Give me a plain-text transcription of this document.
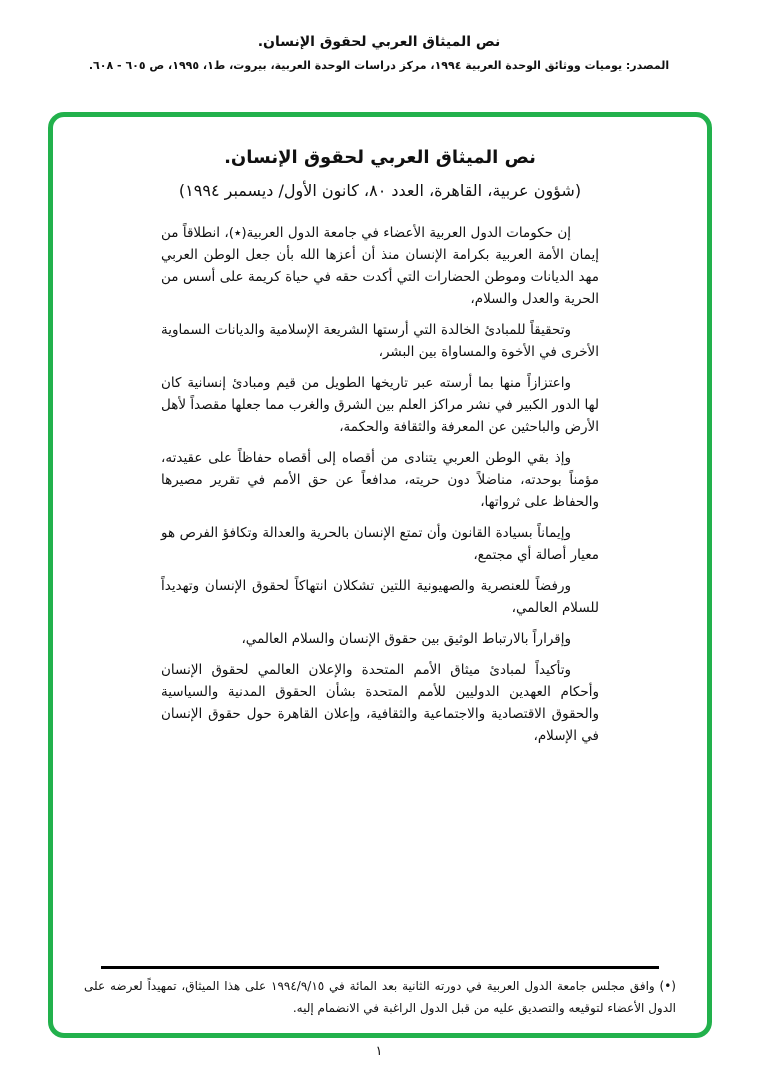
نص الميثاق العربي لحقوق الإنسان.
المصدر: يوميات ووثائق الوحدة العربية ١٩٩٤، مركز دراسات الوحدة العربية، بيروت، ط١، ١٩٩٥، ص ٦٠٥ - ٦٠٨.
نص الميثاق العربي لحقوق الإنسان.
(شؤون عربية، القاهرة، العدد ٨٠، كانون الأول/ ديسمبر ١٩٩٤)

إن حكومات الدول العربية الأعضاء في جامعة الدول العربية(٭)، انطلاقاً من إيمان الأمة العربية بكرامة الإنسان منذ أن أعزها الله بأن جعل الوطن العربي مهد الديانات وموطن الحضارات التي أكدت حقه في حياة كريمة على أسس من الحرية والعدل والسلام،

وتحقيقاً للمبادئ الخالدة التي أرستها الشريعة الإسلامية والديانات السماوية الأخرى في الأخوة والمساواة بين البشر،

واعتزازاً منها بما أرسته عبر تاريخها الطويل من قيم ومبادئ إنسانية كان لها الدور الكبير في نشر مراكز العلم بين الشرق والغرب مما جعلها مقصداً لأهل الأرض والباحثين عن المعرفة والثقافة والحكمة،

وإذ بقي الوطن العربي يتنادى من أقصاه إلى أقصاه حفاظاً على عقيدته، مؤمناً بوحدته، مناضلاً دون حريته، مدافعاً عن حق الأمم في تقرير مصيرها والحفاظ على ثرواتها،

وإيماناً بسيادة القانون وأن تمتع الإنسان بالحرية والعدالة وتكافؤ الفرص هو معيار أصالة أي مجتمع،

ورفضاً للعنصرية والصهيونية اللتين تشكلان انتهاكاً لحقوق الإنسان وتهديداً للسلام العالمي،

وإقراراً بالارتباط الوثيق بين حقوق الإنسان والسلام العالمي،

وتأكيداً لمبادئ ميثاق الأمم المتحدة والإعلان العالمي لحقوق الإنسان وأحكام العهدين الدوليين للأمم المتحدة بشأن الحقوق المدنية والسياسية والحقوق الاقتصادية والاجتماعية والثقافية، وإعلان القاهرة حول حقوق الإنسان في الإسلام،

(•) وافق مجلس جامعة الدول العربية في دورته الثانية بعد المائة في ١٩٩٤/٩/١٥ على هذا الميثاق، تمهيداً لعرضه على الدول الأعضاء لتوقيعه والتصديق عليه من قبل الدول الراغبة في الانضمام إليه.
١
